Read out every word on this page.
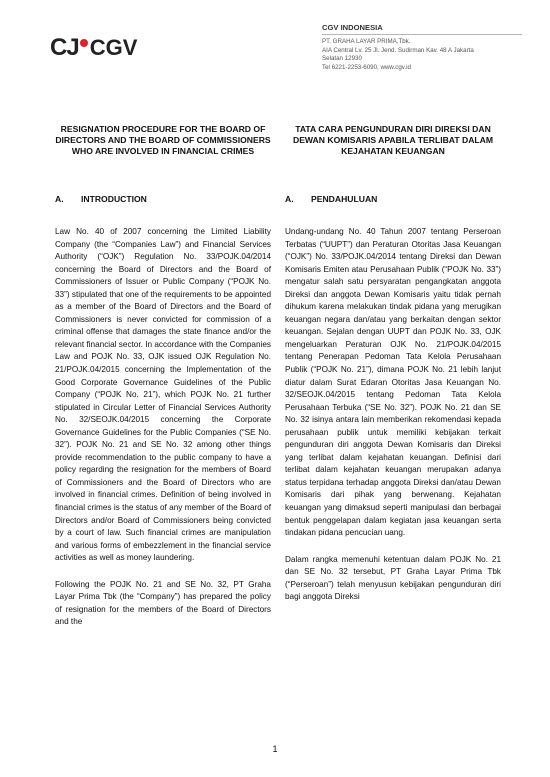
CJ CGV
CGV INDONESIA
PT. GRAHA LAYAR PRIMA,Tbk.
AIA Central Lv. 25 Jl. Jend. Sudirman Kav. 48 A Jakarta
Selatan 12930
Tel 6221-2253-6090, www.cgv.id
RESIGNATION PROCEDURE FOR THE BOARD OF DIRECTORS AND THE BOARD OF COMMISSIONERS WHO ARE INVOLVED IN FINANCIAL CRIMES
A.	INTRODUCTION

Law No. 40 of 2007 concerning the Limited Liability Company (the “Companies Law”) and Financial Services Authority (“OJK”) Regulation No. 33/POJK.04/2014 concerning the Board of Directors and the Board of Commissioners of Issuer or Public Company (“POJK No. 33”) stipulated that one of the requirements to be appointed as a member of the Board of Directors and the Board of Commissioners is never convicted for commission of a criminal offense that damages the state finance and/or the relevant financial sector. In accordance with the Companies Law and POJK No. 33, OJK issued OJK Regulation No. 21/POJK.04/2015 concerning the Implementation of the Good Corporate Governance Guidelines of the Public Company (“POJK No. 21”), which POJK No. 21 further stipulated in Circular Letter of Financial Services Authority No. 32/SEOJK.04/2015 concerning the Corporate Governance Guidelines for the Public Companies (“SE No. 32”). POJK No. 21 and SE No. 32 among other things provide recommendation to the public company to have a policy regarding the resignation for the members of Board of Commissioners and the Board of Directors who are involved in financial crimes. Definition of being involved in financial crimes is the status of any member of the Board of Directors and/or Board of Commissioners being convicted by a court of law. Such financial crimes are manipulation and various forms of embezzlement in the financial service activities as well as money laundering.

Following the POJK No. 21 and SE No. 32, PT Graha Layar Prima Tbk (the “Company”) has prepared the policy of resignation for the members of the Board of Directors and the

TATA CARA PENGUNDURAN DIRI DIREKSI DAN DEWAN KOMISARIS APABILA TERLIBAT DALAM KEJAHATAN KEUANGAN
A.	PENDAHULUAN

Undang-undang No. 40 Tahun 2007 tentang Perseroan Terbatas (“UUPT”) dan Peraturan Otoritas Jasa Keuangan (“OJK”) No. 33/POJK.04/2014 tentang Direksi dan Dewan Komisaris Emiten atau Perusahaan Publik (“POJK No. 33”) mengatur salah satu persyaratan pengangkatan anggota Direksi dan anggota Dewan Komisaris yaitu tidak pernah dihukum karena melakukan tindak pidana yang merugikan keuangan negara dan/atau yang berkaitan dengan sektor keuangan. Sejalan dengan UUPT dan POJK No. 33, OJK mengeluarkan Peraturan OJK No. 21/POJK.04/2015 tentang Penerapan Pedoman Tata Kelola Perusahaan Publik (“POJK No. 21”), dimana POJK No. 21 lebih lanjut diatur dalam Surat Edaran Otoritas Jasa Keuangan No. 32/SEOJK.04/2015 tentang Pedoman Tata Kelola Perusahaan Terbuka (“SE No. 32”). POJK No. 21 dan SE No. 32 isinya antara lain memberikan rekomendasi kepada perusahaan publik untuk memiliki kebijakan terkait pengunduran diri anggota Dewan Komisaris dan Direksi yang terlibat dalam kejahatan keuangan. Definisi dari terlibat dalam kejahatan keuangan merupakan adanya status terpidana terhadap anggota Direksi dan/atau Dewan Komisaris dari pihak yang berwenang. Kejahatan keuangan yang dimaksud seperti manipulasi dan berbagai bentuk penggelapan dalam kegiatan jasa keuangan serta tindakan pidana pencucian uang.

Dalam rangka memenuhi ketentuan dalam POJK No. 21 dan SE No. 32 tersebut, PT Graha Layar Prima Tbk (“Perseroan”) telah menyusun kebijakan pengunduran diri bagi anggota Direksi

1
